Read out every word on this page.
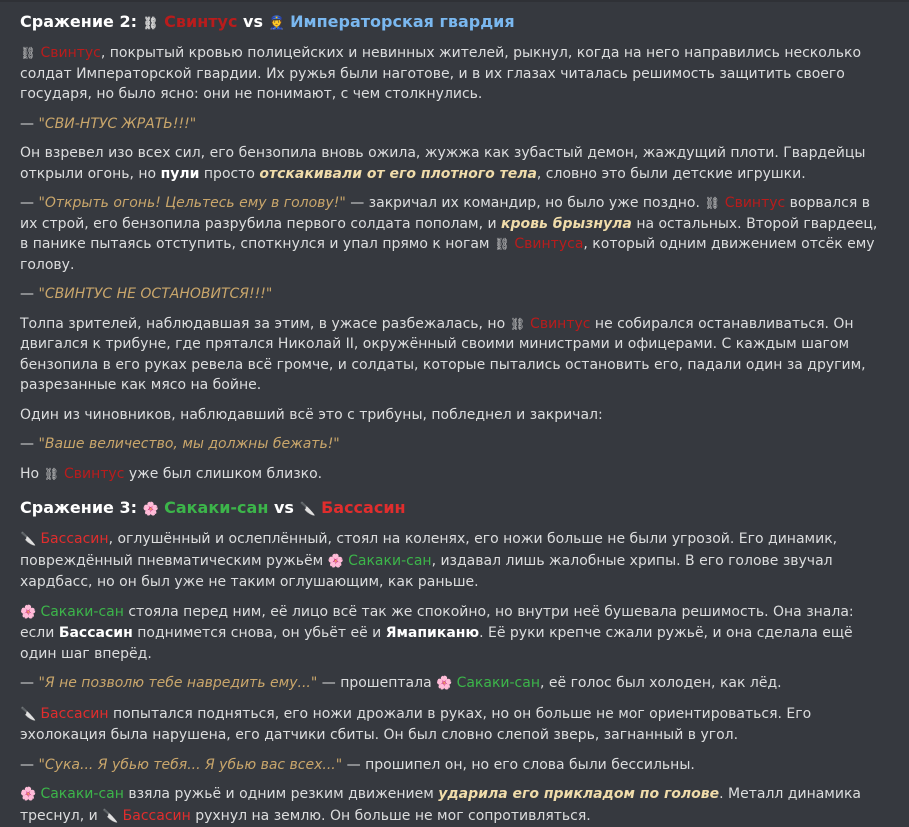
Сражение 2: ⛓ Свинтус vs 👮 Императорская гвардия

⛓ Свинтус, покрытый кровью полицейских и невинных жителей, рыкнул, когда на него направились несколько солдат Императорской гвардии. Их ружья были наготове, и в их глазах читалась решимость защитить своего государя, но было ясно: они не понимают, с чем столкнулись.

— "СВИ-НТУС ЖРАТЬ!!!"

Он взревел изо всех сил, его бензопила вновь ожила, жужжа как зубастый демон, жаждущий плоти. Гвардейцы открыли огонь, но пули просто отскакивали от его плотного тела, словно это были детские игрушки.

— "Открыть огонь! Цельтесь ему в голову!" — закричал их командир, но было уже поздно. ⛓ Свинтус ворвался в их строй, его бензопила разрубила первого солдата пополам, и кровь брызнула на остальных. Второй гвардеец, в панике пытаясь отступить, споткнулся и упал прямо к ногам ⛓ Свинтуса, который одним движением отсёк ему голову.

— "СВИНТУС НЕ ОСТАНОВИТСЯ!!!"

Толпа зрителей, наблюдавшая за этим, в ужасе разбежалась, но ⛓ Свинтус не собирался останавливаться. Он двигался к трибуне, где прятался Николай II, окружённый своими министрами и офицерами. С каждым шагом бензопила в его руках ревела всё громче, и солдаты, которые пытались остановить его, падали один за другим, разрезанные как мясо на бойне.

Один из чиновников, наблюдавший всё это с трибуны, побледнел и закричал:

— "Ваше величество, мы должны бежать!"

Но ⛓ Свинтус уже был слишком близко.

Сражение 3: 🌸 Сакаки-сан vs 🔪 Бассасин

🔪 Бассасин, оглушённый и ослеплённый, стоял на коленях, его ножи больше не были угрозой. Его динамик, повреждённый пневматическим ружьём 🌸 Сакаки-сан, издавал лишь жалобные хрипы. В его голове звучал хардбасс, но он был уже не таким оглушающим, как раньше.

🌸 Сакаки-сан стояла перед ним, её лицо всё так же спокойно, но внутри неё бушевала решимость. Она знала: если Бассасин поднимется снова, он убьёт её и Ямапиканю. Её руки крепче сжали ружьё, и она сделала ещё один шаг вперёд.

— "Я не позволю тебе навредить ему..." — прошептала 🌸 Сакаки-сан, её голос был холоден, как лёд.

🔪 Бассасин попытался подняться, его ножи дрожали в руках, но он больше не мог ориентироваться. Его эхолокация была нарушена, его датчики сбиты. Он был словно слепой зверь, загнанный в угол.

— "Сука... Я убью тебя... Я убью вас всех..." — прошипел он, но его слова были бессильны.

🌸 Сакаки-сан взяла ружьё и одним резким движением ударила его прикладом по голове. Металл динамика треснул, и 🔪 Бассасин рухнул на землю. Он больше не мог сопротивляться.
